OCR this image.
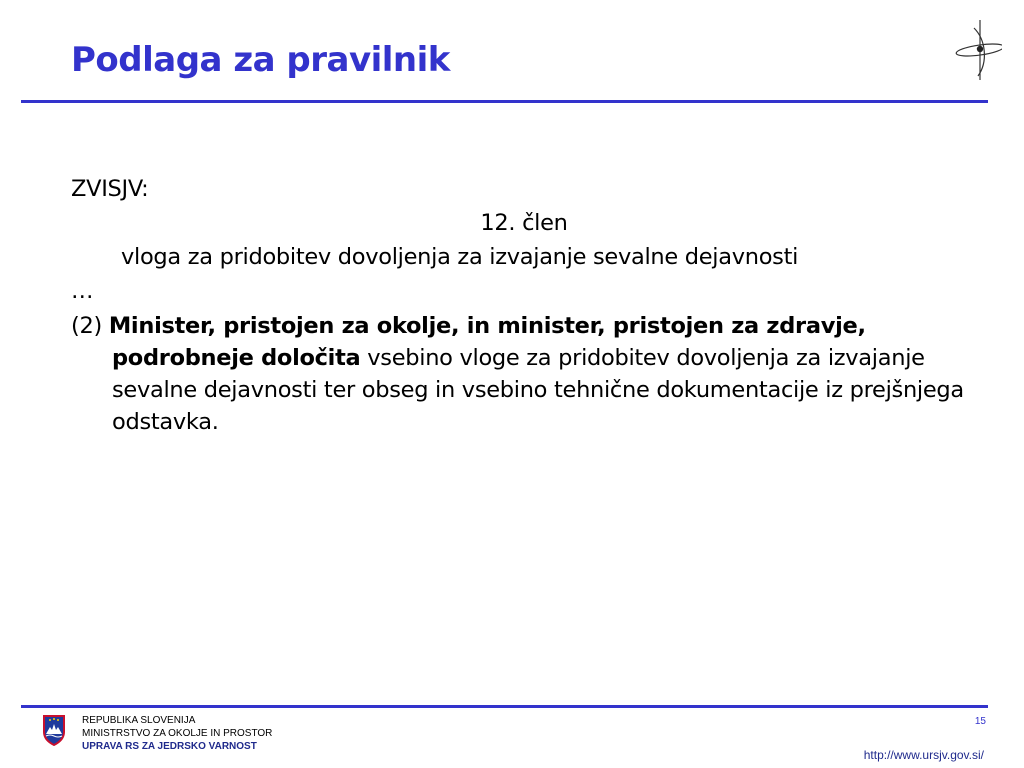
Podlaga za pravilnik

ZVISJV:

12. člen

vloga za pridobitev dovoljenja za izvajanje sevalne dejavnosti

…

(2) Minister, pristojen za okolje, in minister, pristojen za zdravje, podrobneje določita vsebino vloge za pridobitev dovoljenja za izvajanje sevalne dejavnosti ter obseg in vsebino tehnične dokumentacije iz prejšnjega odstavka.

REPUBLIKA SLOVENIJA
MINISTRSTVO ZA OKOLJE IN PROSTOR
UPRAVA RS ZA JEDRSKO VARNOST
15
http://www.ursjv.gov.si/
